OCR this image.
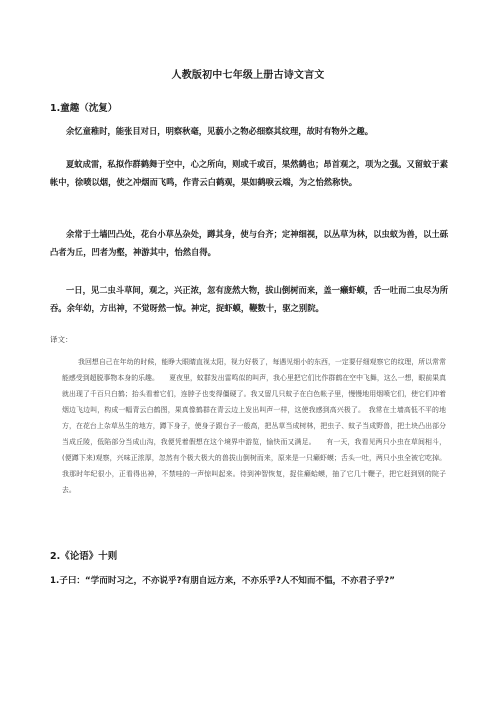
人教版初中七年级上册古诗文言文
1.童趣（沈复）
余忆童稚时，能张目对日，明察秋毫，见藐小之物必细察其纹理，故时有物外之趣。
夏蚊成雷，私拟作群鹤舞于空中，心之所向，则或千或百，果然鹤也；昂首观之，项为之强。又留蚊于素帐中，徐喷以烟，使之冲烟而飞鸣，作青云白鹤观，果如鹤唳云端，为之怡然称快。
余常于土墙凹凸处，花台小草丛杂处，蹲其身，使与台齐；定神细视，以丛草为林，以虫蚁为兽，以土砾凸者为丘，凹者为壑，神游其中，怡然自得。
一日，见二虫斗草间，观之，兴正浓，忽有庞然大物，拔山倒树而来，盖一癞虾蟆，舌一吐而二虫尽为所吞。余年幼，方出神，不觉呀然一惊。神定，捉虾蟆，鞭数十，驱之别院。
译文：
我回想自己在年幼的时候，能睁大眼睛直视太阳，视力好极了，每遇见细小的东西，一定要仔细观察它的纹理，所以常常能感受到超脱事物本身的乐趣。　　夏夜里，蚊群发出雷鸣似的叫声，我心里把它们比作群鹤在空中飞舞，这么一想，眼前果真就出现了千百只白鹤；抬头看着它们，连脖子也变得僵硬了。我又留几只蚊子在白色帐子里，慢慢地用烟喷它们，使它们冲着烟边飞边叫，构成一幅青云白鹤图，果真像鹤群在青云边上发出叫声一样，这使我感到高兴极了。　我常在土墙高低不平的地方，在花台上杂草丛生的地方，蹲下身子，使身子跟台子一般高，把丛草当成树林，把虫子、蚊子当成野兽，把土块凸出部分当成丘陵，低陷部分当成山沟，我便凭着假想在这个境界中游览，愉快而又满足。　　有一天，我看见两只小虫在草间相斗，(便蹲下来)观察，兴味正浓厚，忽然有个极大极大的兽拔山倒树而来，原来是一只癞虾蟆；舌头一吐，两只小虫全被它吃掉。我那时年纪很小，正看得出神，不禁哇的一声惊叫起来。待到神智恢复，捉住癞蛤蟆，抽了它几十鞭子，把它赶到别的院子去。
2.《论语》十则
1.子曰：“学而时习之，不亦说乎?有朋自远方来，不亦乐乎?人不知而不愠，不亦君子乎?”
